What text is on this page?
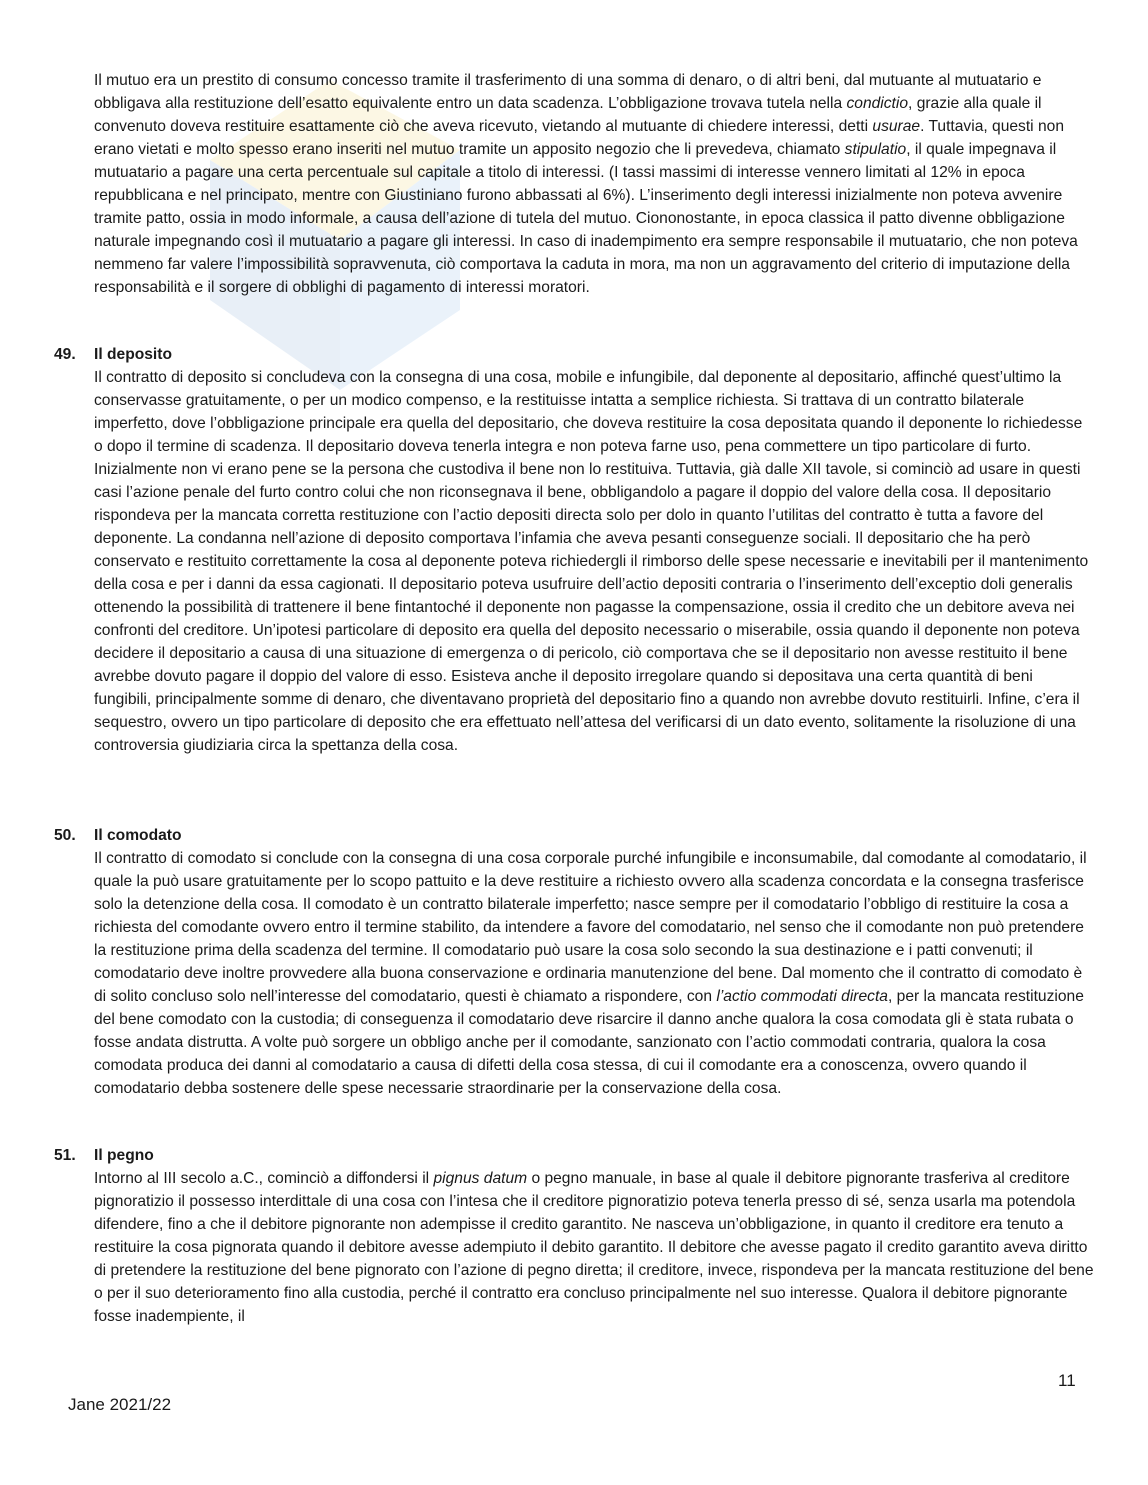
Il mutuo era un prestito di consumo concesso tramite il trasferimento di una somma di denaro, o di altri beni, dal mutuante al mutuatario e obbligava alla restituzione dell’esatto equivalente entro un data scadenza. L’obbligazione trovava tutela nella condictio, grazie alla quale il convenuto doveva restituire esattamente ciò che aveva ricevuto, vietando al mutuante di chiedere interessi, detti usurae. Tuttavia, questi non erano vietati e molto spesso erano inseriti nel mutuo tramite un apposito negozio che li prevedeva, chiamato stipulatio, il quale impegnava il mutuatario a pagare una certa percentuale sul capitale a titolo di interessi. (I tassi massimi di interesse vennero limitati al 12% in epoca repubblicana e nel principato, mentre con Giustiniano furono abbassati al 6%). L’inserimento degli interessi inizialmente non poteva avvenire tramite patto, ossia in modo informale, a causa dell’azione di tutela del mutuo. Ciononostante, in epoca classica il patto divenne obbligazione naturale impegnando così il mutuatario a pagare gli interessi. In caso di inadempimento era sempre responsabile il mutuatario, che non poteva nemmeno far valere l’impossibilità sopravvenuta, ciò comportava la caduta in mora, ma non un aggravamento del criterio di imputazione della responsabilità e il sorgere di obblighi di pagamento di interessi moratori.

49. Il deposito

Il contratto di deposito si concludeva con la consegna di una cosa, mobile e infungibile, dal deponente al depositario, affinché quest’ultimo la conservasse gratuitamente, o per un modico compenso, e la restituisse intatta a semplice richiesta. Si trattava di un contratto bilaterale imperfetto, dove l’obbligazione principale era quella del depositario, che doveva restituire la cosa depositata quando il deponente lo richiedesse o dopo il termine di scadenza. Il depositario doveva tenerla integra e non poteva farne uso, pena commettere un tipo particolare di furto. Inizialmente non vi erano pene se la persona che custodiva il bene non lo restituiva. Tuttavia, già dalle XII tavole, si cominciò ad usare in questi casi l’azione penale del furto contro colui che non riconsegnava il bene, obbligandolo a pagare il doppio del valore della cosa. Il depositario rispondeva per la mancata corretta restituzione con l’actio depositi directa solo per dolo in quanto l’utilitas del contratto è tutta a favore del deponente. La condanna nell’azione di deposito comportava l’infamia che aveva pesanti conseguenze sociali. Il depositario che ha però conservato e restituito correttamente la cosa al deponente poteva richiedergli il rimborso delle spese necessarie e inevitabili per il mantenimento della cosa e per i danni da essa cagionati. Il depositario poteva usufruire dell’actio depositi contraria o l’inserimento dell’exceptio doli generalis ottenendo la possibilità di trattenere il bene fintantoché il deponente non pagasse la compensazione, ossia il credito che un debitore aveva nei confronti del creditore. Un’ipotesi particolare di deposito era quella del deposito necessario o miserabile, ossia quando il deponente non poteva decidere il depositario a causa di una situazione di emergenza o di pericolo, ciò comportava che se il depositario non avesse restituito il bene avrebbe dovuto pagare il doppio del valore di esso. Esisteva anche il deposito irregolare quando si depositava una certa quantità di beni fungibili, principalmente somme di denaro, che diventavano proprietà del depositario fino a quando non avrebbe dovuto restituirli. Infine, c’era il sequestro, ovvero un tipo particolare di deposito che era effettuato nell’attesa del verificarsi di un dato evento, solitamente la risoluzione di una controversia giudiziaria circa la spettanza della cosa.

50. Il comodato

Il contratto di comodato si conclude con la consegna di una cosa corporale purché infungibile e inconsumabile, dal comodante al comodatario, il quale la può usare gratuitamente per lo scopo pattuito e la deve restituire a richiesto ovvero alla scadenza concordata e la consegna trasferisce solo la detenzione della cosa. Il comodato è un contratto bilaterale imperfetto; nasce sempre per il comodatario l’obbligo di restituire la cosa a richiesta del comodante ovvero entro il termine stabilito, da intendere a favore del comodatario, nel senso che il comodante non può pretendere la restituzione prima della scadenza del termine. Il comodatario può usare la cosa solo secondo la sua destinazione e i patti convenuti; il comodatario deve inoltre provvedere alla buona conservazione e ordinaria manutenzione del bene. Dal momento che il contratto di comodato è di solito concluso solo nell’interesse del comodatario, questi è chiamato a rispondere, con l’actio commodati directa, per la mancata restituzione del bene comodato con la custodia; di conseguenza il comodatario deve risarcire il danno anche qualora la cosa comodata gli è stata rubata o fosse andata distrutta. A volte può sorgere un obbligo anche per il comodante, sanzionato con l’actio commodati contraria, qualora la cosa comodata produca dei danni al comodatario a causa di difetti della cosa stessa, di cui il comodante era a conoscenza, ovvero quando il comodatario debba sostenere delle spese necessarie straordinarie per la conservazione della cosa.

51. Il pegno

Intorno al III secolo a.C., cominciò a diffondersi il pignus datum o pegno manuale, in base al quale il debitore pignorante trasferiva al creditore pignoratizio il possesso interdittale di una cosa con l’intesa che il creditore pignoratizio poteva tenerla presso di sé, senza usarla ma potendola difendere, fino a che il debitore pignorante non adempisse il credito garantito. Ne nasceva un’obbligazione, in quanto il creditore era tenuto a restituire la cosa pignorata quando il debitore avesse adempiuto il debito garantito. Il debitore che avesse pagato il credito garantito aveva diritto di pretendere la restituzione del bene pignorato con l’azione di pegno diretta; il creditore, invece, rispondeva per la mancata restituzione del bene o per il suo deterioramento fino alla custodia, perché il contratto era concluso principalmente nel suo interesse. Qualora il debitore pignorante fosse inadempiente, il

11
Jane 2021/22
